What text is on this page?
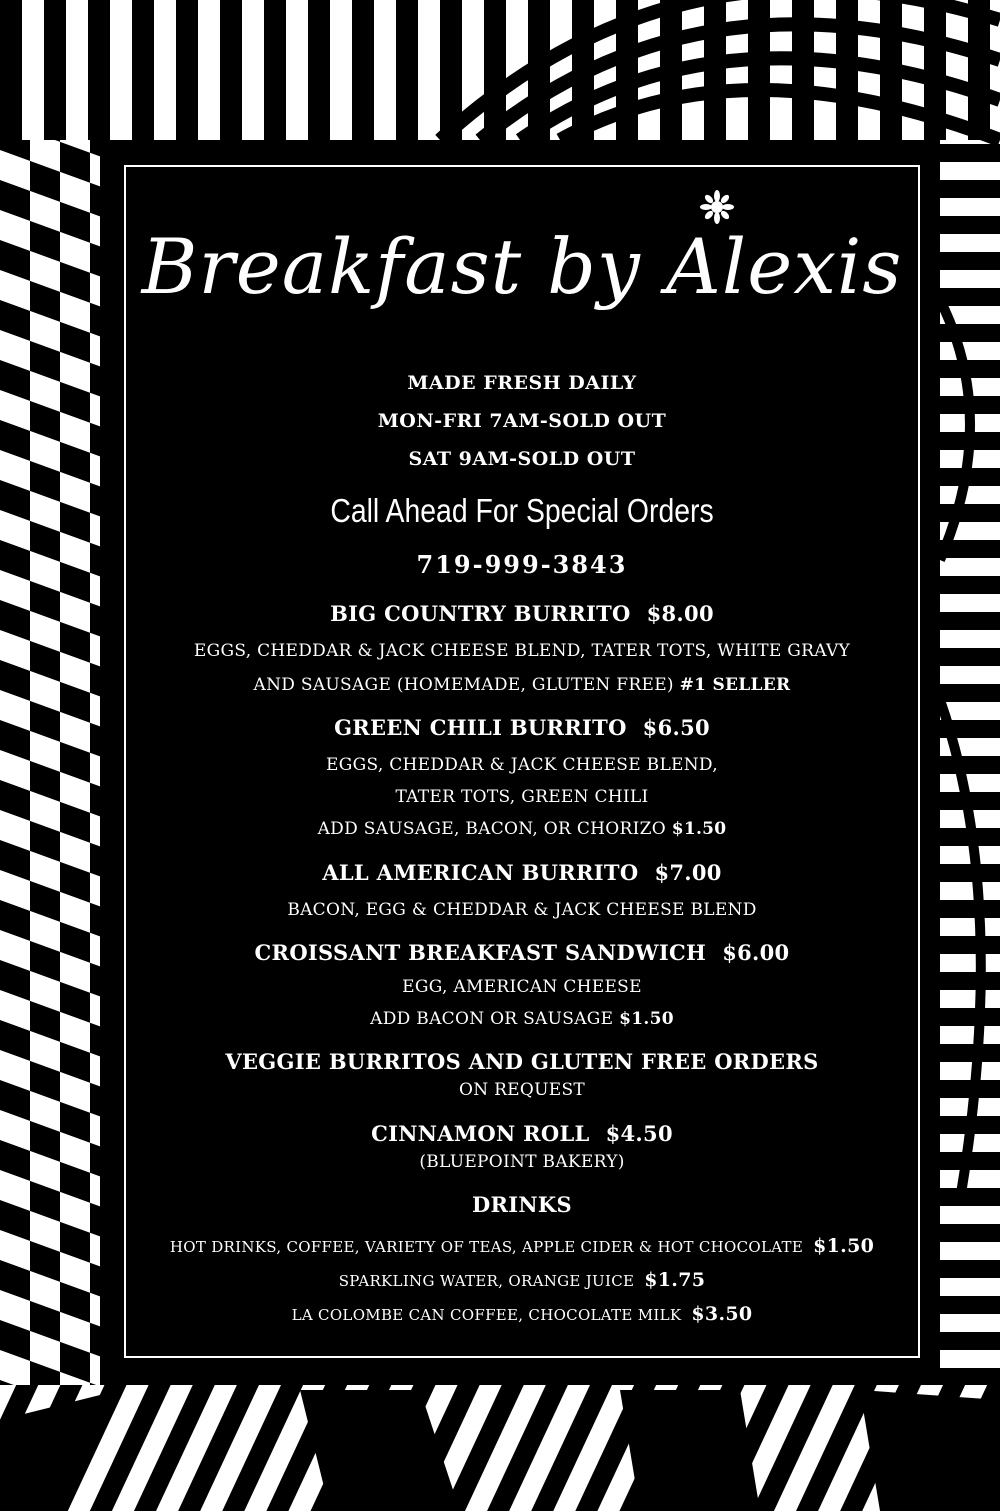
Breakfast by Alexis
MADE FRESH DAILY
MON-FRI 7AM-SOLD OUT
SAT 9AM-SOLD OUT
Call Ahead For Special Orders
719-999-3843
BIG COUNTRY BURRITO $8.00
EGGS, CHEDDAR & JACK CHEESE BLEND, TATER TOTS, WHITE GRAVY
AND SAUSAGE (HOMEMADE, GLUTEN FREE) #1 SELLER
GREEN CHILI BURRITO $6.50
EGGS, CHEDDAR & JACK CHEESE BLEND,
TATER TOTS, GREEN CHILI
ADD SAUSAGE, BACON, OR CHORIZO $1.50
ALL AMERICAN BURRITO $7.00
BACON, EGG & CHEDDAR & JACK CHEESE BLEND
CROISSANT BREAKFAST SANDWICH $6.00
EGG, AMERICAN CHEESE
ADD BACON OR SAUSAGE $1.50
VEGGIE BURRITOS AND GLUTEN FREE ORDERS
ON REQUEST
CINNAMON ROLL $4.50
(BLUEPOINT BAKERY)
DRINKS
HOT DRINKS, COFFEE, VARIETY OF TEAS, APPLE CIDER & HOT CHOCOLATE $1.50
SPARKLING WATER, ORANGE JUICE $1.75
LA COLOMBE CAN COFFEE, CHOCOLATE MILK $3.50
